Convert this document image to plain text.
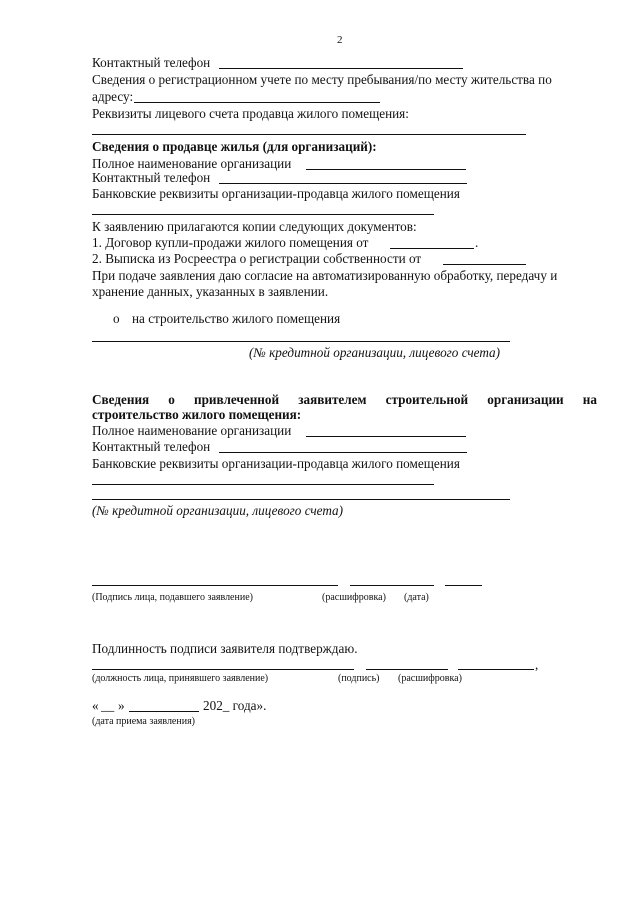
2
Контактный телефон
Сведения о регистрационном учете по месту пребывания/по месту жительства по
адресу:
Реквизиты лицевого счета продавца жилого помещения:
Сведения о продавце жилья (для организаций):
Полное наименование организации
Контактный телефон
Банковские реквизиты организации-продавца жилого помещения
К заявлению прилагаются копии следующих документов:
1. Договор купли-продажи жилого помещения от	.
2. Выписка из Росреестра о регистрации собственности от
При подаче заявления даю согласие на автоматизированную обработку, передачу и
хранение данных, указанных в заявлении.
o на строительство жилого помещения
(№ кредитной организации, лицевого счета)
Сведения о привлеченной заявителем строительной организации на
строительство жилого помещения:
Полное наименование организации
Контактный телефон
Банковские реквизиты организации-продавца жилого помещения
(№ кредитной организации, лицевого счета)
(Подпись лица, подавшего заявление)	(расшифровка) (дата)
Подлинность подписи заявителя подтверждаю.
,
(должность лица, принявшего заявление)	(подпись) (расшифровка)
« __ »	202_ года».
(дата приема заявления)
